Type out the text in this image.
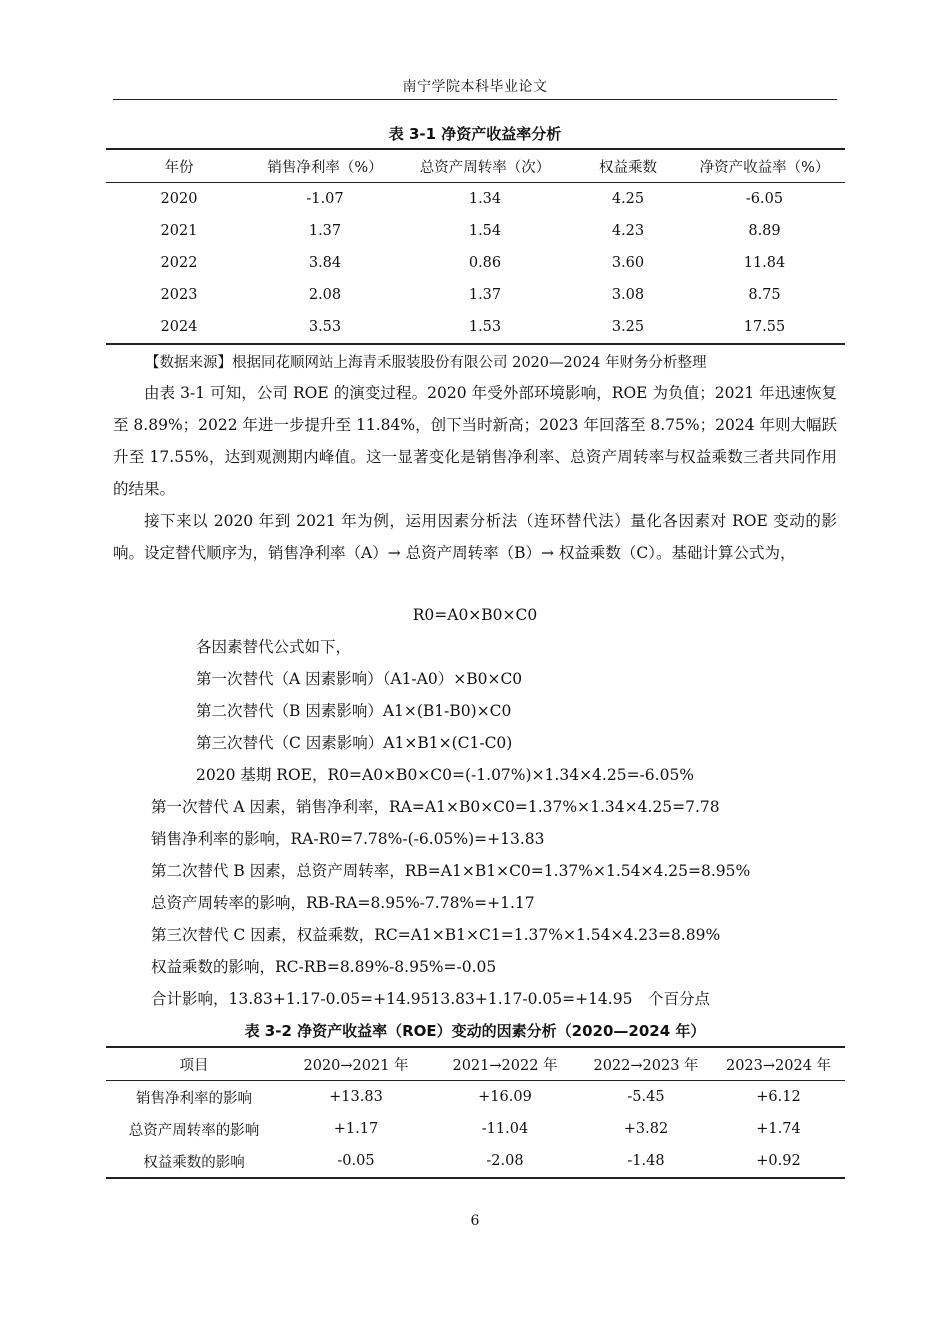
南宁学院本科毕业论文
表 3-1 净资产收益率分析
年份	销售净利率（%）	总资产周转率（次）	权益乘数	净资产收益率（%）
2020	-1.07	1.34	4.25	-6.05
2021	1.37	1.54	4.23	8.89
2022	3.84	0.86	3.60	11.84
2023	2.08	1.37	3.08	8.75
2024	3.53	1.53	3.25	17.55
【数据来源】根据同花顺网站上海青禾服装股份有限公司 2020—2024 年财务分析整理
由表 3-1 可知，公司 ROE 的演变过程。2020 年受外部环境影响，ROE 为负值；2021 年迅速恢复至 8.89%；2022 年进一步提升至 11.84%，创下当时新高；2023 年回落至 8.75%；2024 年则大幅跃升至 17.55%，达到观测期内峰值。这一显著变化是销售净利率、总资产周转率与权益乘数三者共同作用的结果。
接下来以 2020 年到 2021 年为例，运用因素分析法（连环替代法）量化各因素对 ROE 变动的影响。设定替代顺序为，销售净利率（A）→ 总资产周转率（B）→ 权益乘数（C）。基础计算公式为，
R0=A0×B0×C0
各因素替代公式如下，
第一次替代（A 因素影响）（A1-A0）×B0×C0
第二次替代（B 因素影响）A1×(B1-B0)×C0
第三次替代（C 因素影响）A1×B1×(C1-C0)
2020 基期 ROE，R0=A0×B0×C0=(-1.07%)×1.34×4.25=-6.05%
第一次替代 A 因素，销售净利率，RA=A1×B0×C0=1.37%×1.34×4.25=7.78
销售净利率的影响，RA-R0=7.78%-(-6.05%)=+13.83
第二次替代 B 因素，总资产周转率，RB=A1×B1×C0=1.37%×1.54×4.25=8.95%
总资产周转率的影响，RB-RA=8.95%-7.78%=+1.17
第三次替代 C 因素，权益乘数，RC=A1×B1×C1=1.37%×1.54×4.23=8.89%
权益乘数的影响，RC-RB=8.89%-8.95%=-0.05
合计影响，13.83+1.17-0.05=+14.9513.83+1.17-0.05=+14.95　个百分点
表 3-2 净资产收益率（ROE）变动的因素分析（2020—2024 年）
项目	2020→2021 年	2021→2022 年	2022→2023 年	2023→2024 年
销售净利率的影响	+13.83	+16.09	-5.45	+6.12
总资产周转率的影响	+1.17	-11.04	+3.82	+1.74
权益乘数的影响	-0.05	-2.08	-1.48	+0.92
6
